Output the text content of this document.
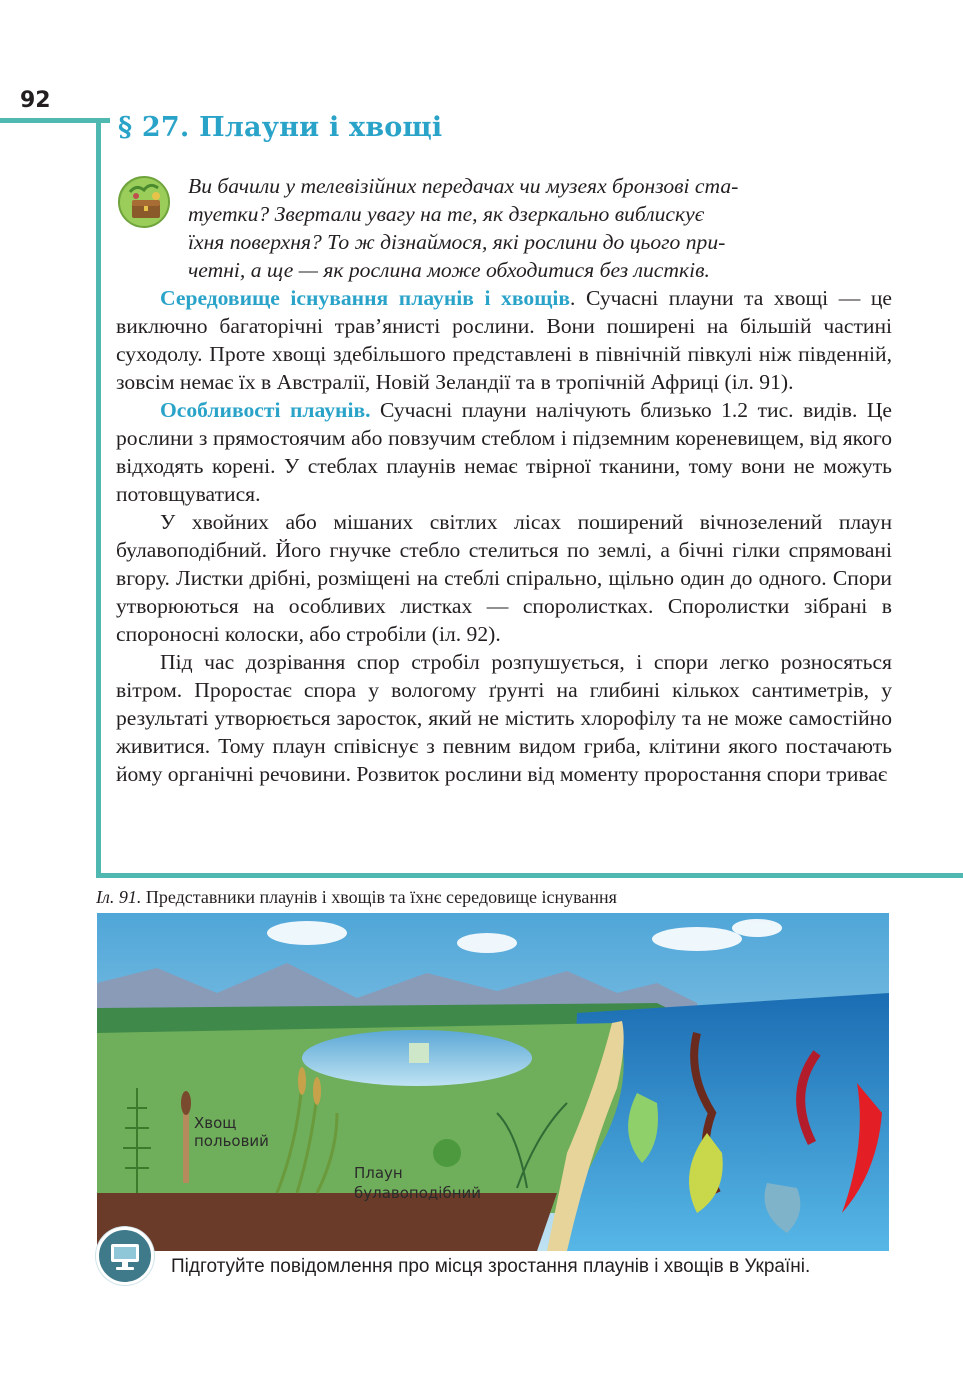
92
§ 27. Плауни і хвощі

Ви бачили у телевізійних передачах чи музеях бронзові ста-

туетки? Звертали увагу на те, як дзеркально виблискує

їхня поверхня? То ж дізнаймося, які рослини до цього при-

четні, а ще — як рослина може обходитися без листків.

Середовище існування плаунів і хвощів. Сучасні плауни та хвощі — це виключно багаторічні трав’янисті рослини. Вони поширені на більшій частині суходолу. Проте хвощі здебільшого представлені в північній півкулі ніж південній, зовсім немає їх в Австралії, Новій Зеландії та в тропічній Африці (іл. 91).

Особливості плаунів. Сучасні плауни налічують близько 1.2 тис. видів. Це рослини з прямостоячим або повзучим стеблом і підземним кореневищем, від якого відходять корені. У стеблах плаунів немає твірної тканини, тому вони не можуть потовщуватися.

У хвойних або мішаних світлих лісах поширений вічнозелений плаун булавоподібний. Його гнучке стебло стелиться по землі, а бічні гілки спрямовані вгору. Листки дрібні, розміщені на стеблі спірально, щільно один до одного. Спори утворюються на особливих листках — споролистках. Споролистки зібрані в спороносні колоски, або стробіли (іл. 92).

Під час дозрівання спор стробіл розпушується, і спори легко розносяться вітром. Проростає спора у вологому ґрунті на глибині кількох сантиметрів, у результаті утворюється заросток, який не містить хлорофілу та не може самостійно живитися. Тому плаун співіснує з певним видом гриба, клітини якого постачають йому органічні речовини. Розвиток рослини від моменту проростання спори триває

Іл. 91. Представники плаунів і хвощів та їхнє середовище існування
Хвощ
польовий
Плаун
булавоподібний
Підготуйте повідомлення про місця зростання плаунів і хвощів в Україні.
